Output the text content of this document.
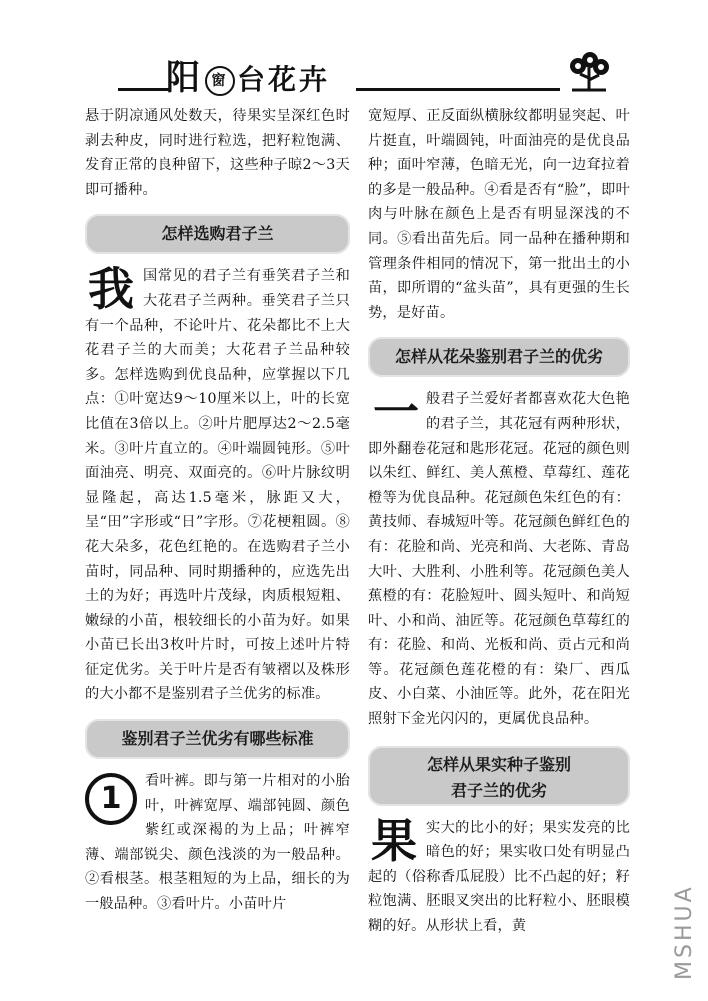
阳 窗 台花卉

悬于阴凉通风处数天，待果实呈深红色时剥去种皮，同时进行粒选，把籽粒饱满、发育正常的良种留下，这些种子晾2～3天即可播种。

怎样选购君子兰
我 国常见的君子兰有垂笑君子兰和大花君子兰两种。垂笑君子兰只有一个品种，不论叶片、花朵都比不上大花君子兰的大而美；大花君子兰品种较多。怎样选购到优良品种，应掌握以下几点：①叶宽达9～10厘米以上，叶的长宽比值在3倍以上。②叶片肥厚达2～2.5毫米。③叶片直立的。④叶端圆钝形。⑤叶面油亮、明亮、双面亮的。⑥叶片脉纹明显隆起，高达1.5毫米，脉距又大，呈“田”字形或“日”字形。⑦花梗粗圆。⑧花大朵多，花色红艳的。在选购君子兰小苗时，同品种、同时期播种的，应选先出土的为好；再选叶片茂绿，肉质根短粗、嫩绿的小苗，根较细长的小苗为好。如果小苗已长出3枚叶片时，可按上述叶片特征定优劣。关于叶片是否有皱褶以及株形的大小都不是鉴别君子兰优劣的标准。

鉴别君子兰优劣有哪些标准
1	看叶裤。即与第一片相对的小胎叶，叶裤宽厚、端部钝圆、颜色紫红或深褐的为上品；叶裤窄薄、端部锐尖、颜色浅淡的为一般品种。②看根茎。根茎粗短的为上品，细长的为一般品种。③看叶片。小苗叶片

宽短厚、正反面纵横脉纹都明显突起、叶片挺直，叶端圆钝，叶面油亮的是优良品种；面叶窄薄，色暗无光，向一边耷拉着的多是一般品种。④看是否有“脸”，即叶肉与叶脉在颜色上是否有明显深浅的不同。⑤看出苗先后。同一品种在播种期和管理条件相同的情况下，第一批出土的小苗，即所谓的“盆头苗”，具有更强的生长势，是好苗。

怎样从花朵鉴别君子兰的优劣
一 般君子兰爱好者都喜欢花大色艳的君子兰，其花冠有两种形状，即外翻卷花冠和匙形花冠。花冠的颜色则以朱红、鲜红、美人蕉橙、草莓红、莲花橙等为优良品种。花冠颜色朱红色的有：黄技师、春城短叶等。花冠颜色鲜红色的有：花脸和尚、光亮和尚、大老陈、青岛大叶、大胜利、小胜利等。花冠颜色美人蕉橙的有：花脸短叶、圆头短叶、和尚短叶、小和尚、油匠等。花冠颜色草莓红的有：花脸、和尚、光板和尚、贡占元和尚等。花冠颜色莲花橙的有：染厂、西瓜皮、小白菜、小油匠等。此外，花在阳光照射下金光闪闪的，更属优良品种。

怎样从果实种子鉴别
君子兰的优劣
果 实大的比小的好；果实发亮的比暗色的好；果实收口处有明显凸起的（俗称香瓜屁股）比不凸起的好；籽粒饱满、胚眼叉突出的比籽粒小、胚眼模糊的好。从形状上看，黄	MSHUA
